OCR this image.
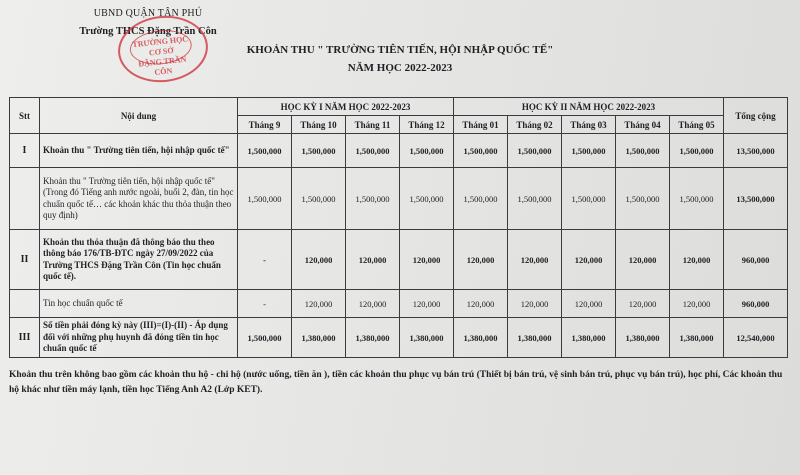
UBND QUẬN TÂN PHÚ
Trường THCS Đặng Trần Côn
TRƯỜNG HỌC CƠ SỞ
ĐẶNG TRẦN CÔN
KHOẢN THU " TRƯỜNG TIÊN TIẾN, HỘI NHẬP QUỐC TẾ"
NĂM HỌC 2022-2023
Stt	Nội dung	HỌC KỲ I NĂM HỌC 2022-2023				HỌC KỲ II NĂM HỌC 2022-2023					Tổng cộng
		Tháng 9	Tháng 10	Tháng 11	Tháng 12	Tháng 01	Tháng 02	Tháng 03	Tháng 04	Tháng 05	
I	Khoản thu " Trường tiên tiến, hội nhập quốc tế"	1,500,000	1,500,000	1,500,000	1,500,000	1,500,000	1,500,000	1,500,000	1,500,000	1,500,000	13,500,000
	Khoản thu " Trường tiên tiến, hội nhập quốc tế" (Trong đó Tiếng anh nước ngoài, buổi 2, đàn, tin học chuẩn quốc tế… các khoản khác thu thỏa thuận theo quy định)	1,500,000	1,500,000	1,500,000	1,500,000	1,500,000	1,500,000	1,500,000	1,500,000	1,500,000	13,500,000
II	Khoản thu thỏa thuận đã thông báo thu theo thông báo 176/TB-ĐTC ngày 27/09/2022 của Trường THCS Đặng Trần Côn (Tin học chuẩn quốc tế).	-	120,000	120,000	120,000	120,000	120,000	120,000	120,000	120,000	960,000
	Tin học chuẩn quốc tế	-	120,000	120,000	120,000	120,000	120,000	120,000	120,000	120,000	960,000
III	Số tiền phải đóng kỳ này (III)=(I)-(II) - Áp dụng đối với những phụ huynh đã đóng tiền tin học chuẩn quốc tế	1,500,000	1,380,000	1,380,000	1,380,000	1,380,000	1,380,000	1,380,000	1,380,000	1,380,000	12,540,000
Khoản thu trên không bao gồm các khoản thu hộ - chi hộ (nước uống, tiền ăn ), tiền các khoản thu phục vụ bán trú (Thiết bị bán trú, vệ sinh bán trú, phục vụ bán trú), học phí, Các khoản thu hộ khác như tiền máy lạnh, tiền học Tiếng Anh A2 (Lớp KET).
